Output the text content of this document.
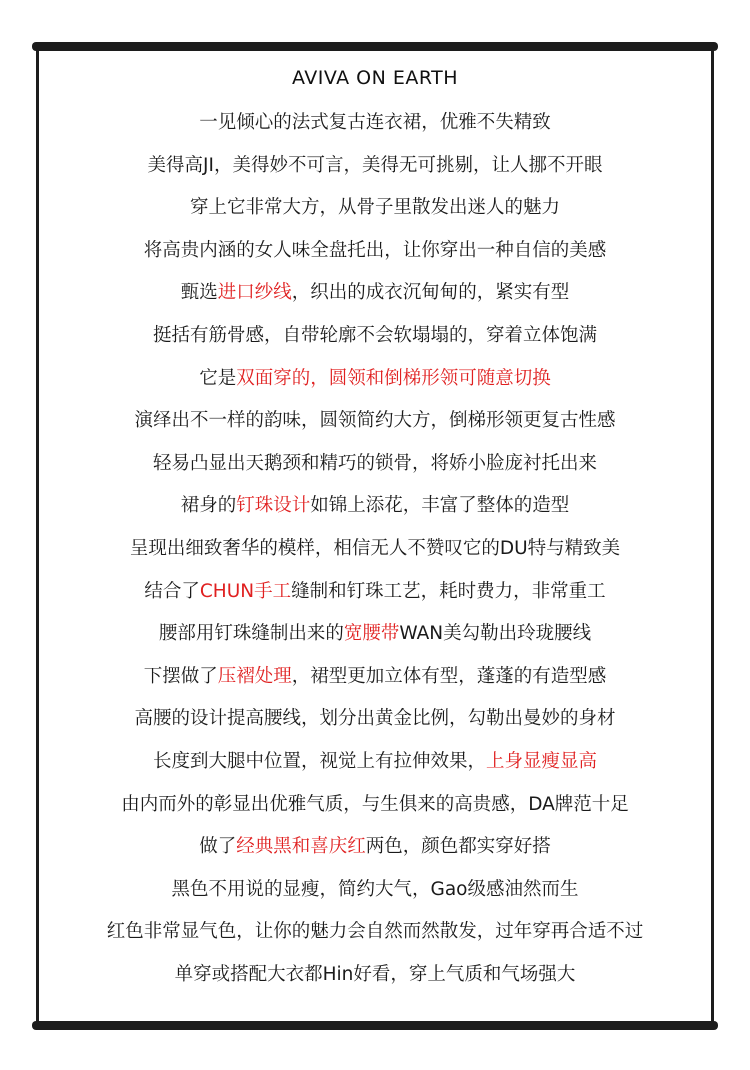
AVIVA ON EARTH
一见倾心的法式复古连衣裙，优雅不失精致
美得高JI，美得妙不可言，美得无可挑剔，让人挪不开眼
穿上它非常大方，从骨子里散发出迷人的魅力
将高贵内涵的女人味全盘托出，让你穿出一种自信的美感
甄选进口纱线，织出的成衣沉甸甸的，紧实有型
挺括有筋骨感，自带轮廓不会软塌塌的，穿着立体饱满
它是双面穿的，圆领和倒梯形领可随意切换
演绎出不一样的韵味，圆领简约大方，倒梯形领更复古性感
轻易凸显出天鹅颈和精巧的锁骨，将娇小脸庞衬托出来
裙身的钉珠设计如锦上添花，丰富了整体的造型
呈现出细致奢华的模样，相信无人不赞叹它的DU特与精致美
结合了CHUN手工缝制和钉珠工艺，耗时费力，非常重工
腰部用钉珠缝制出来的宽腰带WAN美勾勒出玲珑腰线
下摆做了压褶处理，裙型更加立体有型，蓬蓬的有造型感
高腰的设计提高腰线，划分出黄金比例，勾勒出曼妙的身材
长度到大腿中位置，视觉上有拉伸效果，上身显瘦显高
由内而外的彰显出优雅气质，与生俱来的高贵感，DA牌范十足
做了经典黑和喜庆红两色，颜色都实穿好搭
黑色不用说的显瘦，简约大气，Gao级感油然而生
红色非常显气色，让你的魅力会自然而然散发，过年穿再合适不过
单穿或搭配大衣都Hin好看，穿上气质和气场强大
